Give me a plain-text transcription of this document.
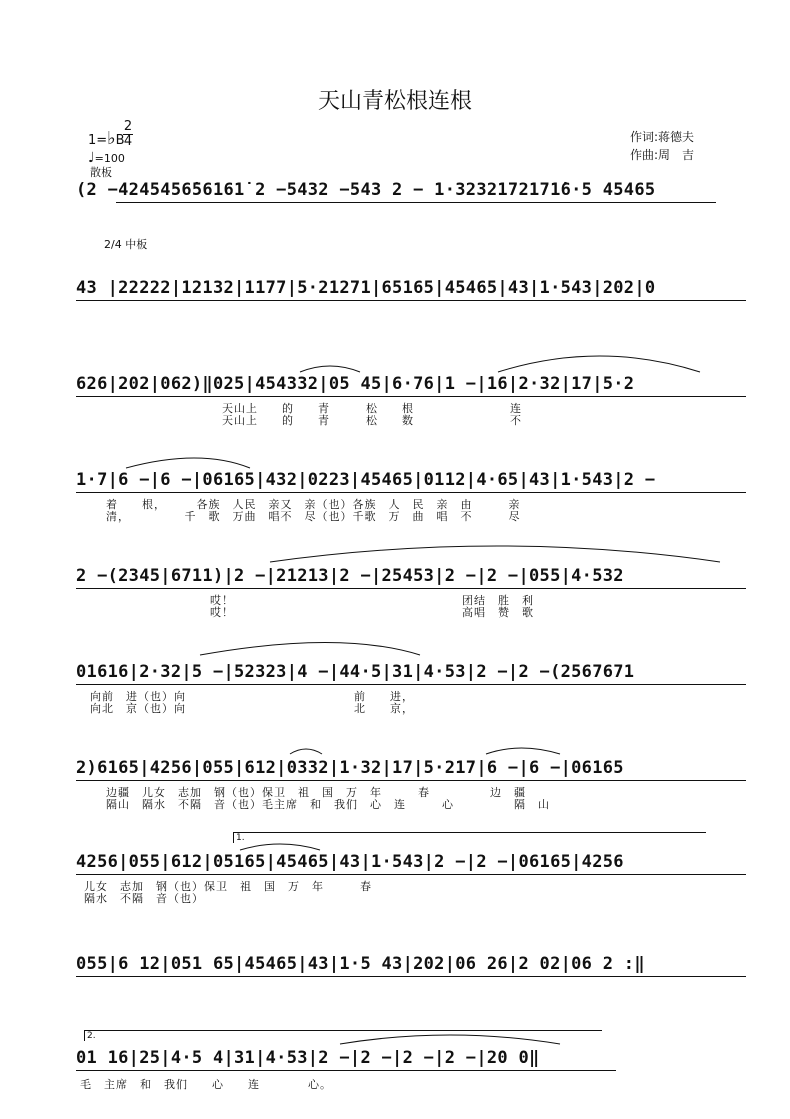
天山青松根连根
作词:蒋德夫
作曲:周　吉
1=♭B
2
4
♩=100
散板
2/4 中板
(2 −4245456̇56161̇ 2 −5432 −543 2 − 1·3232172171̇6·5 45465
43 |22222|12132|1177|5·21271|65165|45465|43|1·543|202|0
626|202|062)‖025|454332|05 45|6·76|1 −|16|2·32|17|5·2
天山上　　的　　青　　　松　　根　　　　　　　　连
天山上　　的　　青　　　松　　数　　　　　　　　不
1·7|6 −|6 −|06165|432|0223|45465|0112|4·65|43|1·543|2 −
着　　根，　　　各族　人民　亲又　亲（也）各族　人　民　亲　由　　　亲
清，　　　　　千　歌　万曲　唱不　尽（也）千歌　万　曲　唱　不　　　尽
2 −(2345|6711)|2 −|21213|2 −|25453|2 −|2 −|055|4·532
　　　　　　　　　　哎！　　　　　　　　　　　　　　　　　　　团结　胜　利
　　　　　　　　　　哎！　　　　　　　　　　　　　　　　　　　高唱　赞　歌
01616|2·32|5 −|52323|4 −|44·5|31|4·53|2 −|2 −(2567671
向前　进（也）向　　　　　　　　　　　　　　前　　进，
向北　京（也）向　　　　　　　　　　　　　　北　　京，
2)6165|4256|055|612|0332|1·32|17|5·217|6 −|6 −|06165
边疆　儿女　志加　钢（也）保卫　祖　国　万　年　　　春　　　　　边　疆
隔山　隔水　不隔　音（也）毛主席　和　我们　心　连　　　心　　　　　隔　山
1.
4256|055|612|05165|45465|43|1·543|2 −|2 −|06165|4256
儿女　志加　钢（也）保卫　祖　国　万　年　　　春
隔水　不隔　音（也）
055|6 12|051 65|45465|43|1·5 43|202|06 26|2 02|06 2 :‖
2.
01 16|25|4·5 4|31|4·53|2 −|2 −|2 −|2 −|20 0‖
毛　主席　和　我们　　心　　连　　　　心。
